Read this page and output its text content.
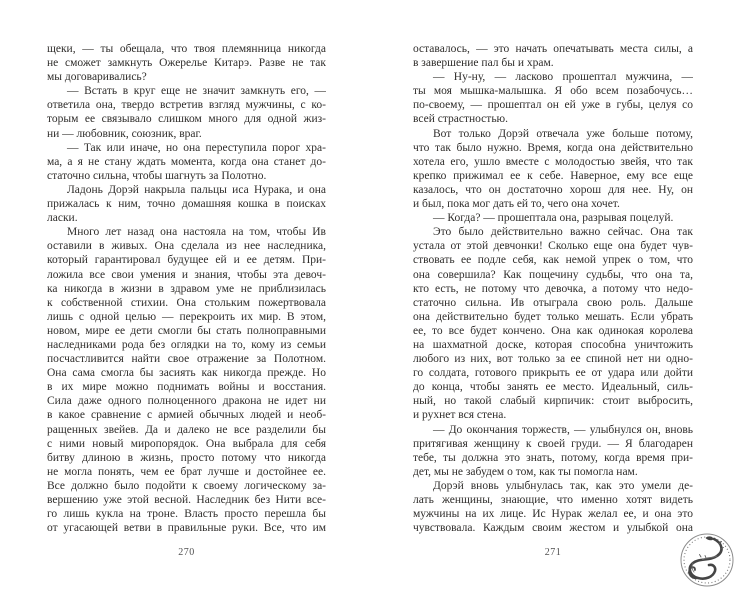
щеки, — ты обещала, что твоя племянница никогда
не сможет замкнуть Ожерелье Китарэ. Разве не так
мы договаривались?
— Встать в круг еще не значит замкнуть его, —
ответила она, твердо встретив взгляд мужчины, с ко-
торым ее связывало слишком много для одной жиз-
ни — любовник, союзник, враг.
— Так или иначе, но она переступила порог хра-
ма, а я не стану ждать момента, когда она станет до-
статочно сильна, чтобы шагнуть за Полотно.
Ладонь Дорэй накрыла пальцы иса Нурака, и она
прижалась к ним, точно домашняя кошка в поисках
ласки.
Много лет назад она настояла на том, чтобы Ив
оставили в живых. Она сделала из нее наследника,
который гарантировал будущее ей и ее детям. При-
ложила все свои умения и знания, чтобы эта девоч-
ка никогда в жизни в здравом уме не приблизилась
к собственной стихии. Она стольким пожертвовала
лишь с одной целью — перекроить их мир. В этом,
новом, мире ее дети смогли бы стать полноправными
наследниками рода без оглядки на то, кому из семьи
посчастливится найти свое отражение за Полотном.
Она сама смогла бы засиять как никогда прежде. Но
в их мире можно поднимать войны и восстания.
Сила даже одного полноценного дракона не идет ни
в какое сравнение с армией обычных людей и необ-
ращенных звейев. Да и далеко не все разделили бы
с ними новый миропорядок. Она выбрала для себя
битву длиною в жизнь, просто потому что никогда
не могла понять, чем ее брат лучше и достойнее ее.
Все должно было подойти к своему логическому за-
вершению уже этой весной. Наследник без Нити все-
го лишь кукла на троне. Власть просто перешла бы
от угасающей ветви в правильные руки. Все, что им
оставалось, — это начать опечатывать места силы, а
в завершение пал бы и храм.
— Ну-ну, — ласково прошептал мужчина, —
ты моя мышка-малышка. Я обо всем позабочусь…
по-своему, — прошептал он ей уже в губы, целуя со
всей страстностью.
Вот только Дорэй отвечала уже больше потому,
что так было нужно. Время, когда она действительно
хотела его, ушло вместе с молодостью звейя, что так
крепко прижимал ее к себе. Наверное, ему все еще
казалось, что он достаточно хорош для нее. Ну, он
и был, пока мог дать ей то, чего она хочет.
— Когда? — прошептала она, разрывая поцелуй.
Это было действительно важно сейчас. Она так
устала от этой девчонки! Сколько еще она будет чув-
ствовать ее подле себя, как немой упрек о том, что
она совершила? Как пощечину судьбы, что она та,
кто есть, не потому что девочка, а потому что недо-
статочно сильна. Ив отыграла свою роль. Дальше
она действительно будет только мешать. Если убрать
ее, то все будет кончено. Она как одинокая королева
на шахматной доске, которая способна уничтожить
любого из них, вот только за ее спиной нет ни одно-
го солдата, готового прикрыть ее от удара или дойти
до конца, чтобы занять ее место. Идеальный, силь-
ный, но такой слабый кирпичик: стоит выбросить,
и рухнет вся стена.
— До окончания торжеств, — улыбнулся он, вновь
притягивая женщину к своей груди. — Я благодарен
тебе, ты должна это знать, потому, когда время при-
дет, мы не забудем о том, как ты помогла нам.
Дорэй вновь улыбнулась так, как это умели де-
лать женщины, знающие, что именно хотят видеть
мужчины на их лице. Ис Нурак желал ее, и она это
чувствовала. Каждым своим жестом и улыбкой она
270	271
